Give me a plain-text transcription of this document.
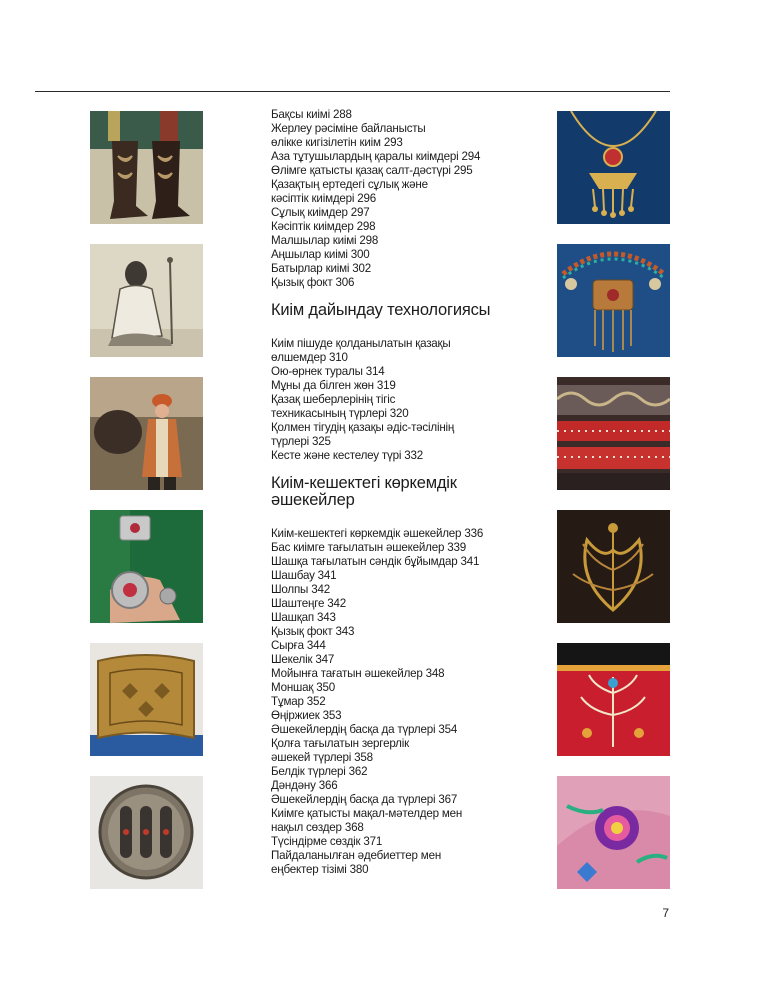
Бақсы киімі 288
Жерлеу рәсіміне байланысты
өлікке кигізілетін киім 293
Аза тұтушылардың қаралы киімдері 294
Өлімге қатысты қазақ салт-дәстүрі 295
Қазақтың ертедегі сұлық және
кәсіптік киімдері 296
Сұлық киімдер 297
Кәсіптік киімдер 298
Малшылар киімі 298
Аңшылар киімі 300
Батырлар киімі 302
Қызық фокт 306
Киім дайындау технологиясы
Киім пішуде қолданылатын қазақы
өлшемдер 310
Ою-өрнек туралы 314
Мұны да білген жөн 319
Қазақ шеберлерінің тігіс
техникасының түрлері 320
Қолмен тігудің қазақы әдіс-тәсілінің
түрлері 325
Кесте және кестелеу түрі 332
Киім-кешектегі көркемдік
әшекейлер
Киім-кешектегі көркемдік әшекейлер 336
Бас киімге тағылатын әшекейлер 339
Шашқа тағылатын сәндік бұйымдар 341
Шашбау 341
Шолпы 342
Шаштеңге 342
Шашқап 343
Қызық фокт 343
Сырға 344
Шекелік 347
Мойынға тағатын әшекейлер 348
Моншақ 350
Тұмар 352
Өңіржиек 353
Әшекейлердің басқа да түрлері 354
Қолға тағылатын зергерлік
әшекей түрлері 358
Белдік түрлері 362
Дәндәну 366
Әшекейлердің басқа да түрлері 367
Киімге қатысты мақал-мәтелдер мен
нақыл сөздер 368
Түсіндірме сөздік 371
Пайдаланылған әдебиеттер мен
еңбектер тізімі 380
7
